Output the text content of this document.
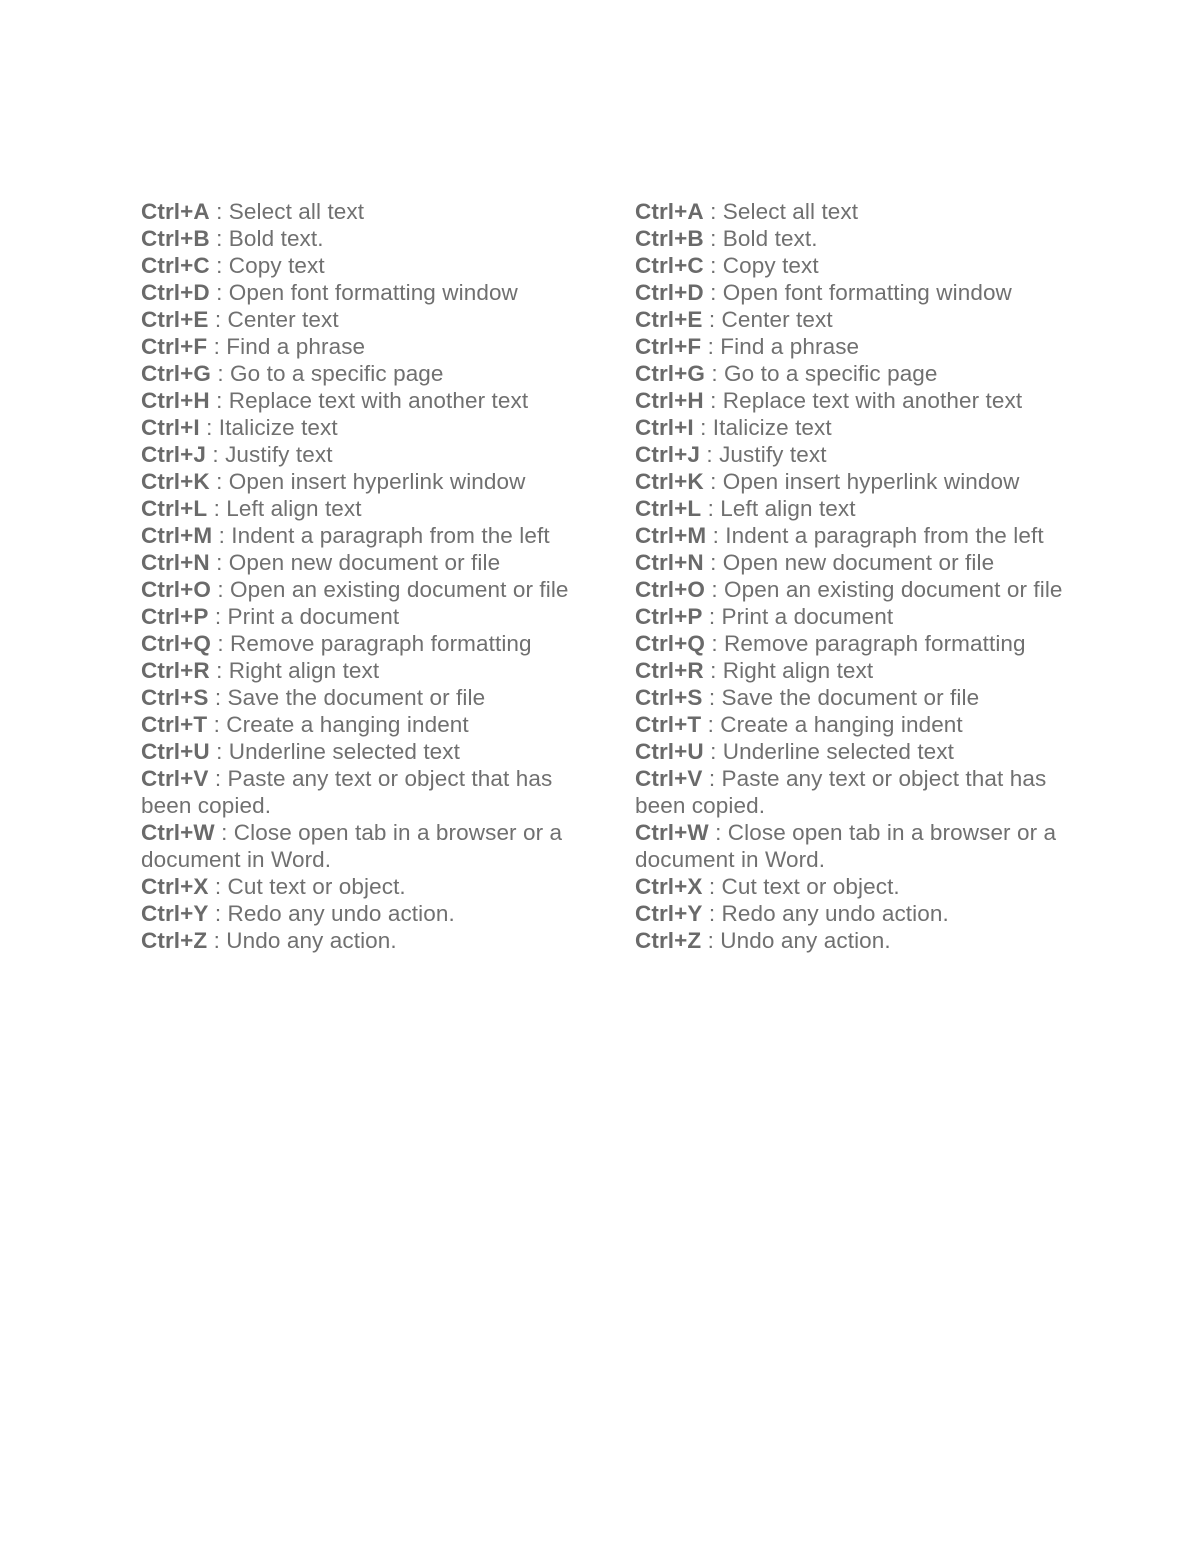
Ctrl+A : Select all text

Ctrl+B : Bold text.

Ctrl+C : Copy text

Ctrl+D : Open font formatting window

Ctrl+E : Center text

Ctrl+F : Find a phrase

Ctrl+G : Go to a specific page

Ctrl+H : Replace text with another text

Ctrl+I : Italicize text

Ctrl+J : Justify text

Ctrl+K : Open insert hyperlink window

Ctrl+L : Left align text

Ctrl+M : Indent a paragraph from the left

Ctrl+N : Open new document or file

Ctrl+O : Open an existing document or file

Ctrl+P : Print a document

Ctrl+Q : Remove paragraph formatting

Ctrl+R : Right align text

Ctrl+S : Save the document or file

Ctrl+T : Create a hanging indent

Ctrl+U : Underline selected text

Ctrl+V : Paste any text or object that has been copied.

Ctrl+W : Close open tab in a browser or a document in Word.

Ctrl+X : Cut text or object.

Ctrl+Y : Redo any undo action.

Ctrl+Z : Undo any action.

Ctrl+A : Select all text

Ctrl+B : Bold text.

Ctrl+C : Copy text

Ctrl+D : Open font formatting window

Ctrl+E : Center text

Ctrl+F : Find a phrase

Ctrl+G : Go to a specific page

Ctrl+H : Replace text with another text

Ctrl+I : Italicize text

Ctrl+J : Justify text

Ctrl+K : Open insert hyperlink window

Ctrl+L : Left align text

Ctrl+M : Indent a paragraph from the left

Ctrl+N : Open new document or file

Ctrl+O : Open an existing document or file

Ctrl+P : Print a document

Ctrl+Q : Remove paragraph formatting

Ctrl+R : Right align text

Ctrl+S : Save the document or file

Ctrl+T : Create a hanging indent

Ctrl+U : Underline selected text

Ctrl+V : Paste any text or object that has been copied.

Ctrl+W : Close open tab in a browser or a document in Word.

Ctrl+X : Cut text or object.

Ctrl+Y : Redo any undo action.

Ctrl+Z : Undo any action.
